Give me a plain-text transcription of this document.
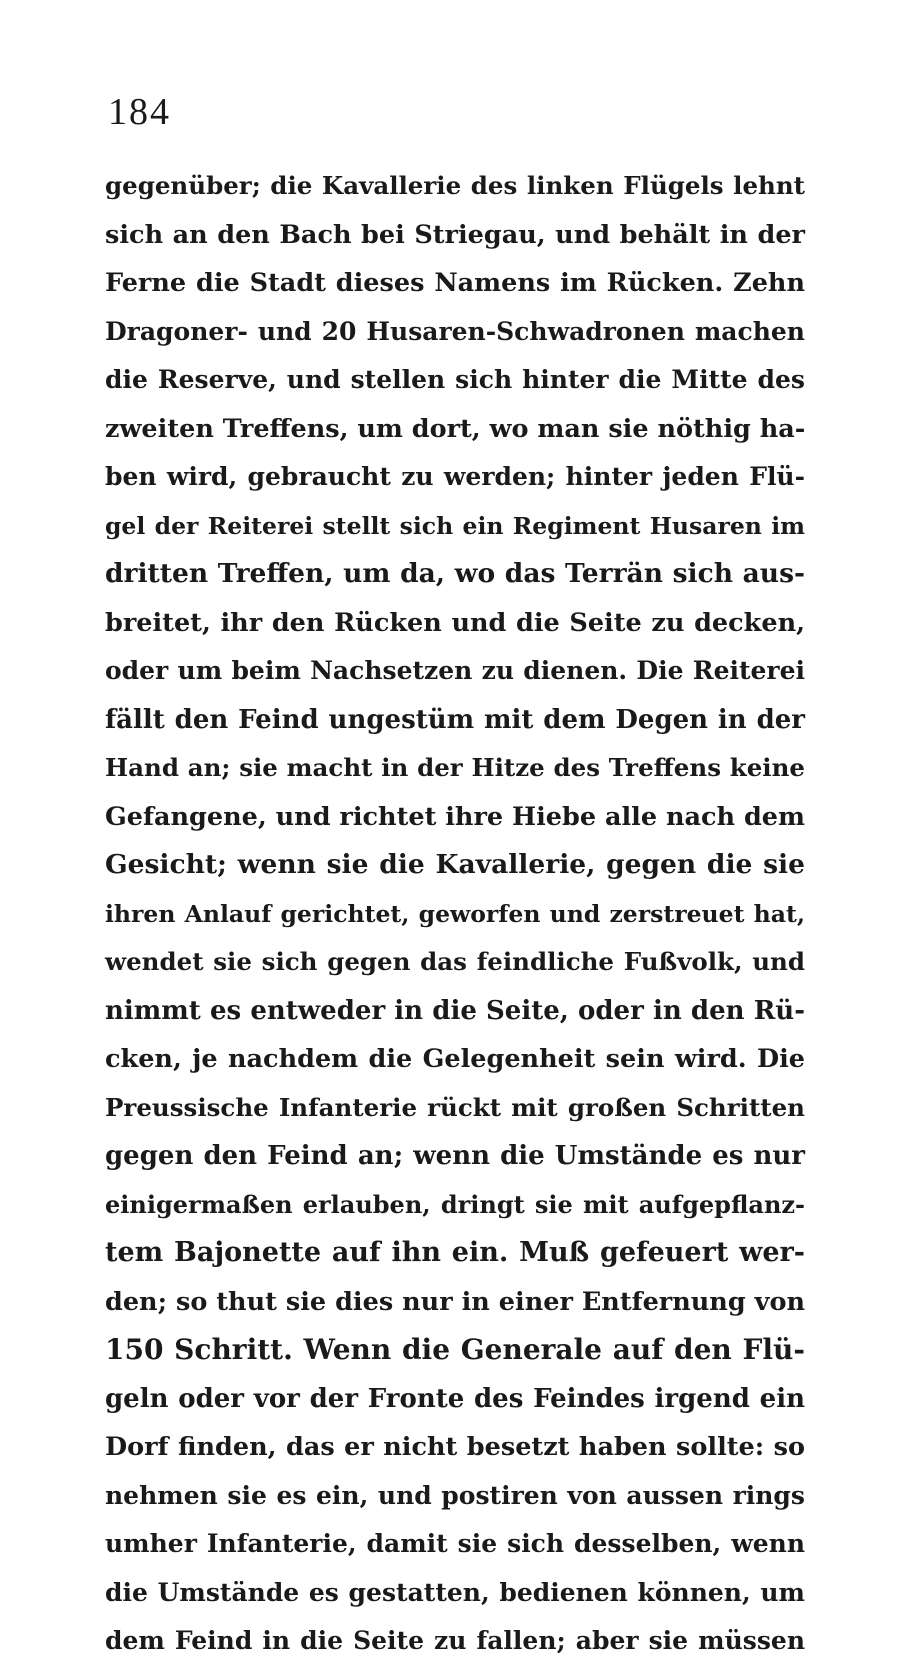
184
gegenüber; die Kavallerie des linken Flügels lehnt
sich an den Bach bei Striegau, und behält in der
Ferne die Stadt dieses Namens im Rücken. Zehn
Dragoner- und 20 Husaren-Schwadronen machen
die Reserve, und stellen sich hinter die Mitte des
zweiten Treffens, um dort, wo man sie nöthig ha-
ben wird, gebraucht zu werden; hinter jeden Flü-
gel der Reiterei stellt sich ein Regiment Husaren im
dritten Treffen, um da, wo das Terrän sich aus-
breitet, ihr den Rücken und die Seite zu decken,
oder um beim Nachsetzen zu dienen. Die Reiterei
fällt den Feind ungestüm mit dem Degen in der
Hand an; sie macht in der Hitze des Treffens keine
Gefangene, und richtet ihre Hiebe alle nach dem
Gesicht; wenn sie die Kavallerie, gegen die sie
ihren Anlauf gerichtet, geworfen und zerstreuet hat,
wendet sie sich gegen das feindliche Fußvolk, und
nimmt es entweder in die Seite, oder in den Rü-
cken, je nachdem die Gelegenheit sein wird. Die
Preussische Infanterie rückt mit großen Schritten
gegen den Feind an; wenn die Umstände es nur
einigermaßen erlauben, dringt sie mit aufgepflanz-
tem Bajonette auf ihn ein. Muß gefeuert wer-
den; so thut sie dies nur in einer Entfernung von
150 Schritt. Wenn die Generale auf den Flü-
geln oder vor der Fronte des Feindes irgend ein
Dorf finden, das er nicht besetzt haben sollte: so
nehmen sie es ein, und postiren von aussen rings
umher Infanterie, damit sie sich desselben, wenn
die Umstände es gestatten, bedienen können, um
dem Feind in die Seite zu fallen; aber sie müssen
